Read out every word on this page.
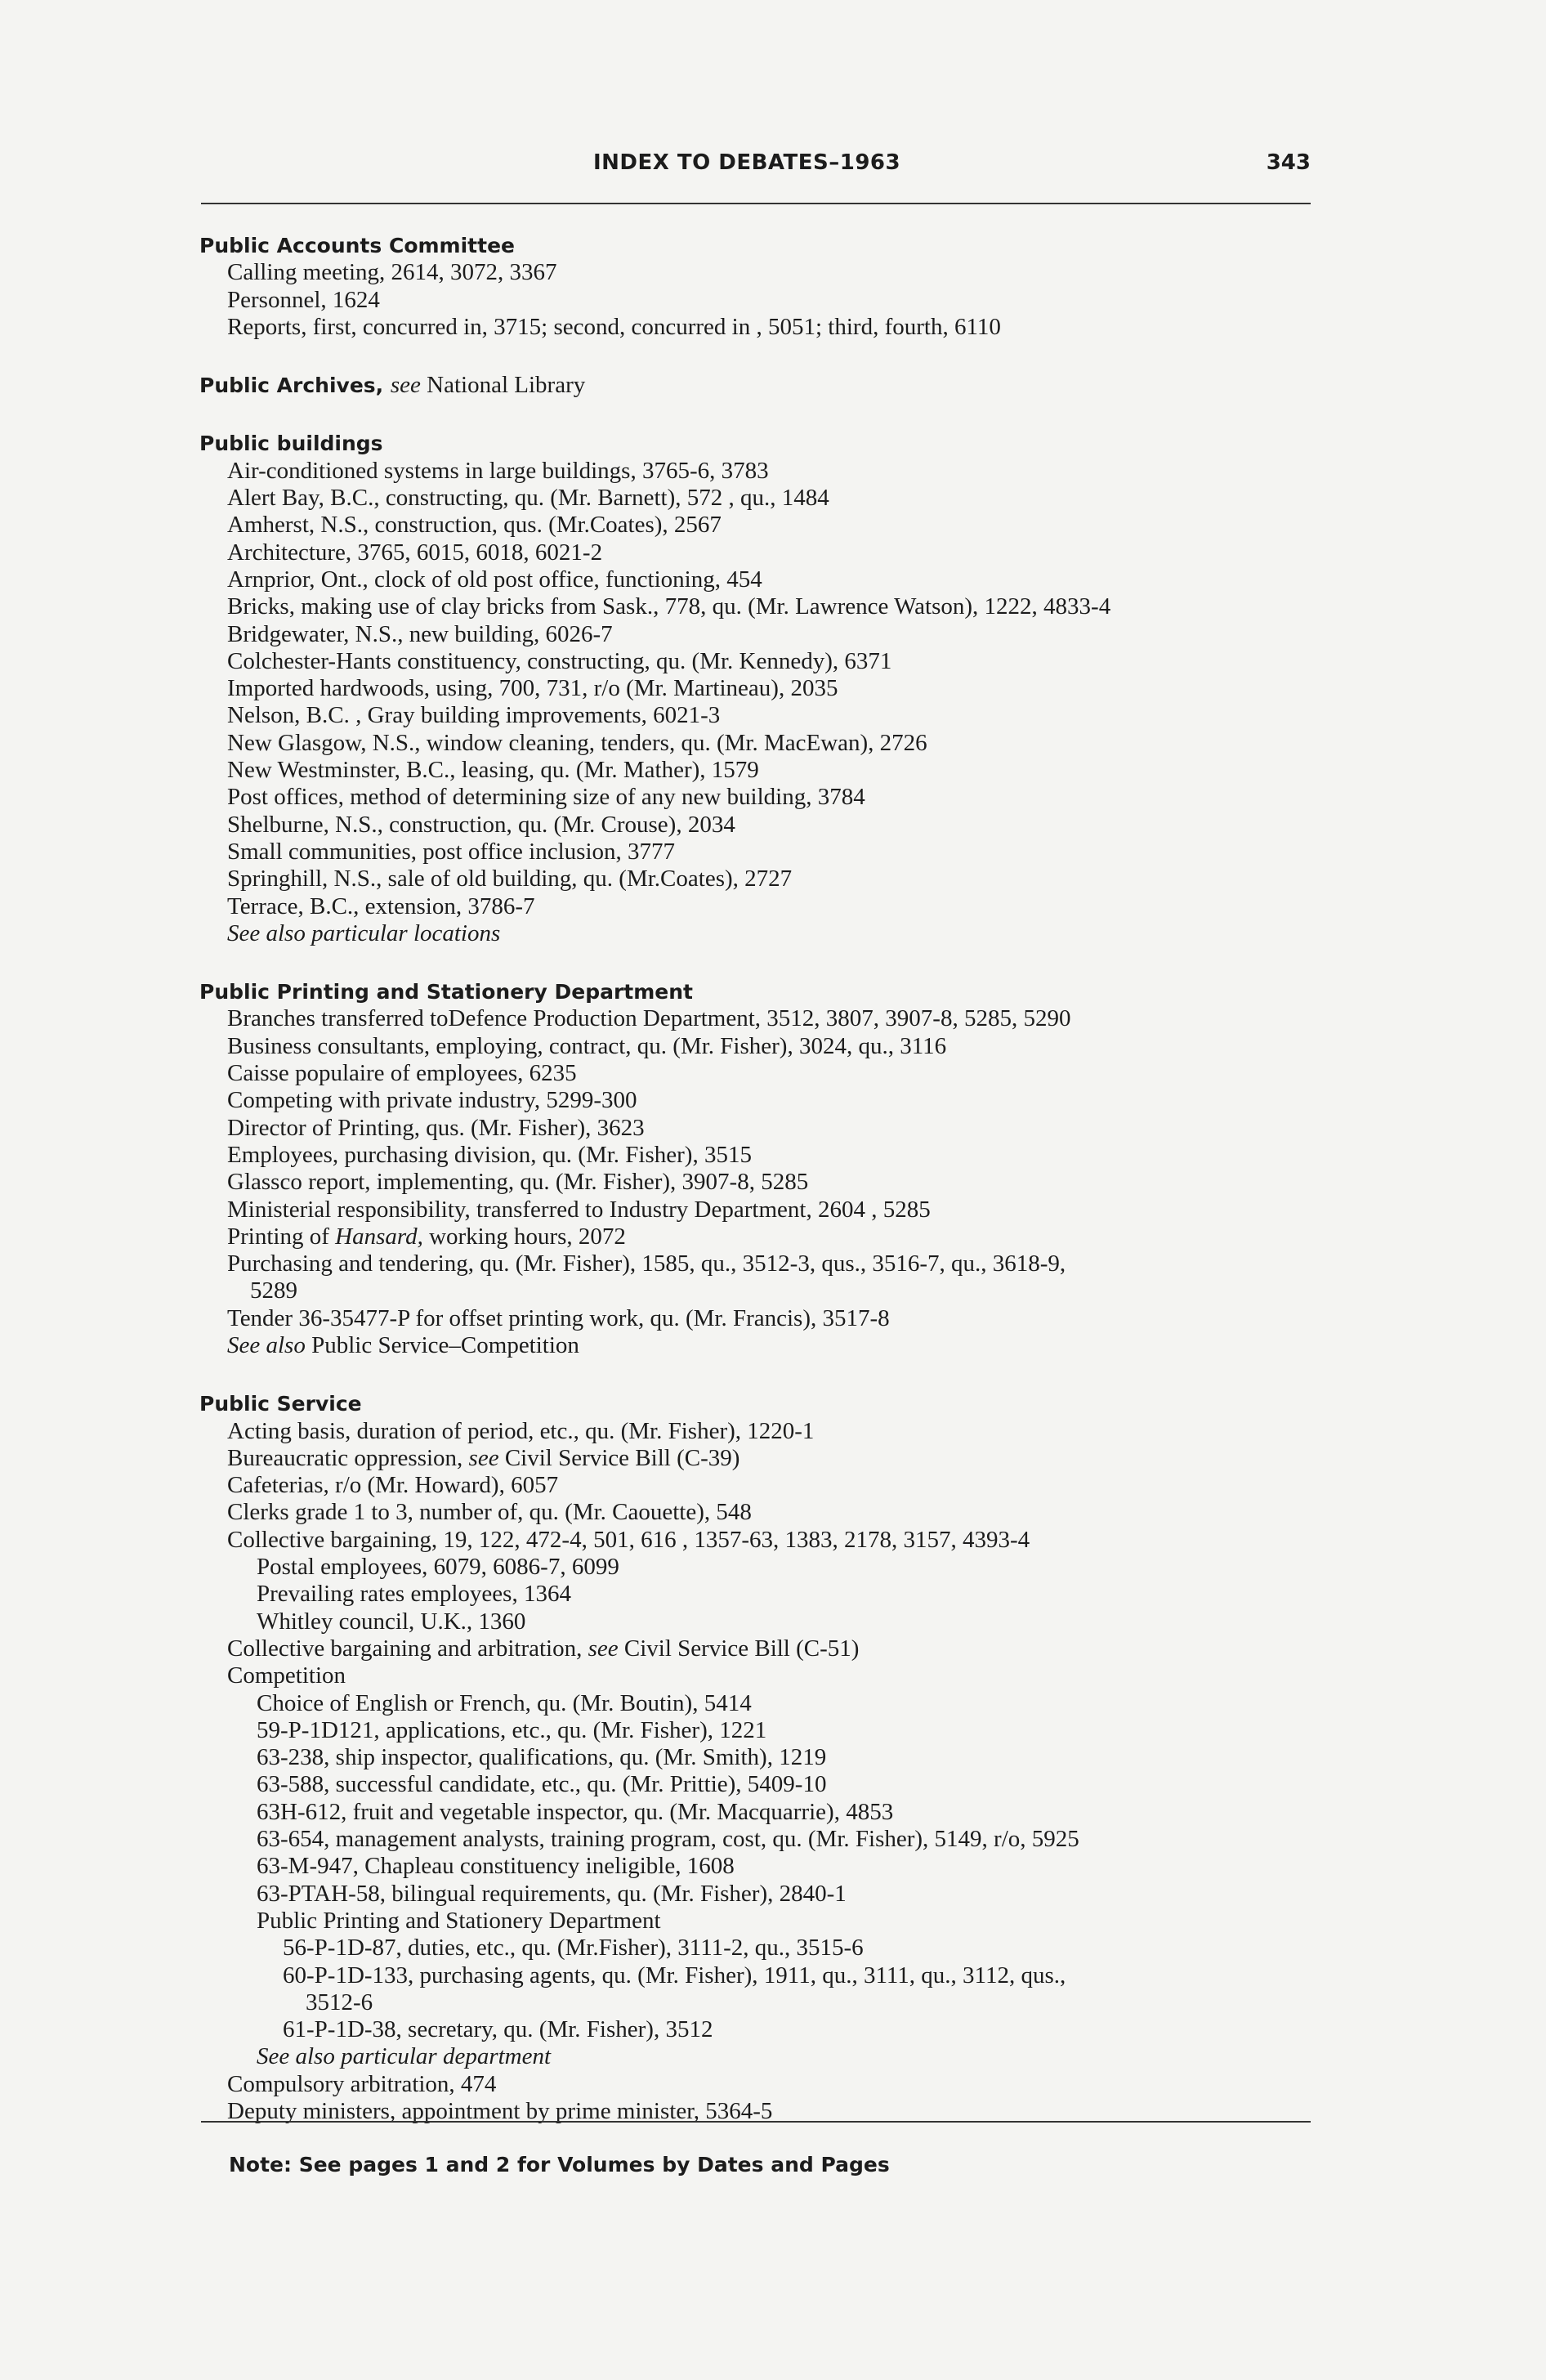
INDEX TO DEBATES–1963	343
Public Accounts Committee
Calling meeting, 2614, 3072, 3367
Personnel, 1624
Reports, first, concurred in, 3715; second, concurred in , 5051; third, fourth, 6110
Public Archives, see National Library
Public buildings
Air-conditioned systems in large buildings, 3765-6, 3783
Alert Bay, B.C., constructing, qu. (Mr. Barnett), 572 , qu., 1484
Amherst, N.S., construction, qus. (Mr.Coates), 2567
Architecture, 3765, 6015, 6018, 6021-2
Arnprior, Ont., clock of old post office, functioning, 454
Bricks, making use of clay bricks from Sask., 778, qu. (Mr. Lawrence Watson), 1222, 4833-4
Bridgewater, N.S., new building, 6026-7
Colchester-Hants constituency, constructing, qu. (Mr. Kennedy), 6371
Imported hardwoods, using, 700, 731, r/o (Mr. Martineau), 2035
Nelson, B.C. , Gray building improvements, 6021-3
New Glasgow, N.S., window cleaning, tenders, qu. (Mr. MacEwan), 2726
New Westminster, B.C., leasing, qu. (Mr. Mather), 1579
Post offices, method of determining size of any new building, 3784
Shelburne, N.S., construction, qu. (Mr. Crouse), 2034
Small communities, post office inclusion, 3777
Springhill, N.S., sale of old building, qu. (Mr.Coates), 2727
Terrace, B.C., extension, 3786-7
See also particular locations
Public Printing and Stationery Department
Branches transferred toDefence Production Department, 3512, 3807, 3907-8, 5285, 5290
Business consultants, employing, contract, qu. (Mr. Fisher), 3024, qu., 3116
Caisse populaire of employees, 6235
Competing with private industry, 5299-300
Director of Printing, qus. (Mr. Fisher), 3623
Employees, purchasing division, qu. (Mr. Fisher), 3515
Glassco report, implementing, qu. (Mr. Fisher), 3907-8, 5285
Ministerial responsibility, transferred to Industry Department, 2604 , 5285
Printing of Hansard, working hours, 2072
Purchasing and tendering, qu. (Mr. Fisher), 1585, qu., 3512-3, qus., 3516-7, qu., 3618-9,
5289
Tender 36-35477-P for offset printing work, qu. (Mr. Francis), 3517-8
See also Public Service–Competition
Public Service
Acting basis, duration of period, etc., qu. (Mr. Fisher), 1220-1
Bureaucratic oppression, see Civil Service Bill (C-39)
Cafeterias, r/o (Mr. Howard), 6057
Clerks grade 1 to 3, number of, qu. (Mr. Caouette), 548
Collective bargaining, 19, 122, 472-4, 501, 616 , 1357-63, 1383, 2178, 3157, 4393-4
Postal employees, 6079, 6086-7, 6099
Prevailing rates employees, 1364
Whitley council, U.K., 1360
Collective bargaining and arbitration, see Civil Service Bill (C-51)
Competition
Choice of English or French, qu. (Mr. Boutin), 5414
59-P-1D121, applications, etc., qu. (Mr. Fisher), 1221
63-238, ship inspector, qualifications, qu. (Mr. Smith), 1219
63-588, successful candidate, etc., qu. (Mr. Prittie), 5409-10
63H-612, fruit and vegetable inspector, qu. (Mr. Macquarrie), 4853
63-654, management analysts, training program, cost, qu. (Mr. Fisher), 5149, r/o, 5925
63-M-947, Chapleau constituency ineligible, 1608
63-PTAH-58, bilingual requirements, qu. (Mr. Fisher), 2840-1
Public Printing and Stationery Department
56-P-1D-87, duties, etc., qu. (Mr.Fisher), 3111-2, qu., 3515-6
60-P-1D-133, purchasing agents, qu. (Mr. Fisher), 1911, qu., 3111, qu., 3112, qus.,
3512-6
61-P-1D-38, secretary, qu. (Mr. Fisher), 3512
See also particular department
Compulsory arbitration, 474
Deputy ministers, appointment by prime minister, 5364-5
Note: See pages 1 and 2 for Volumes by Dates and Pages
